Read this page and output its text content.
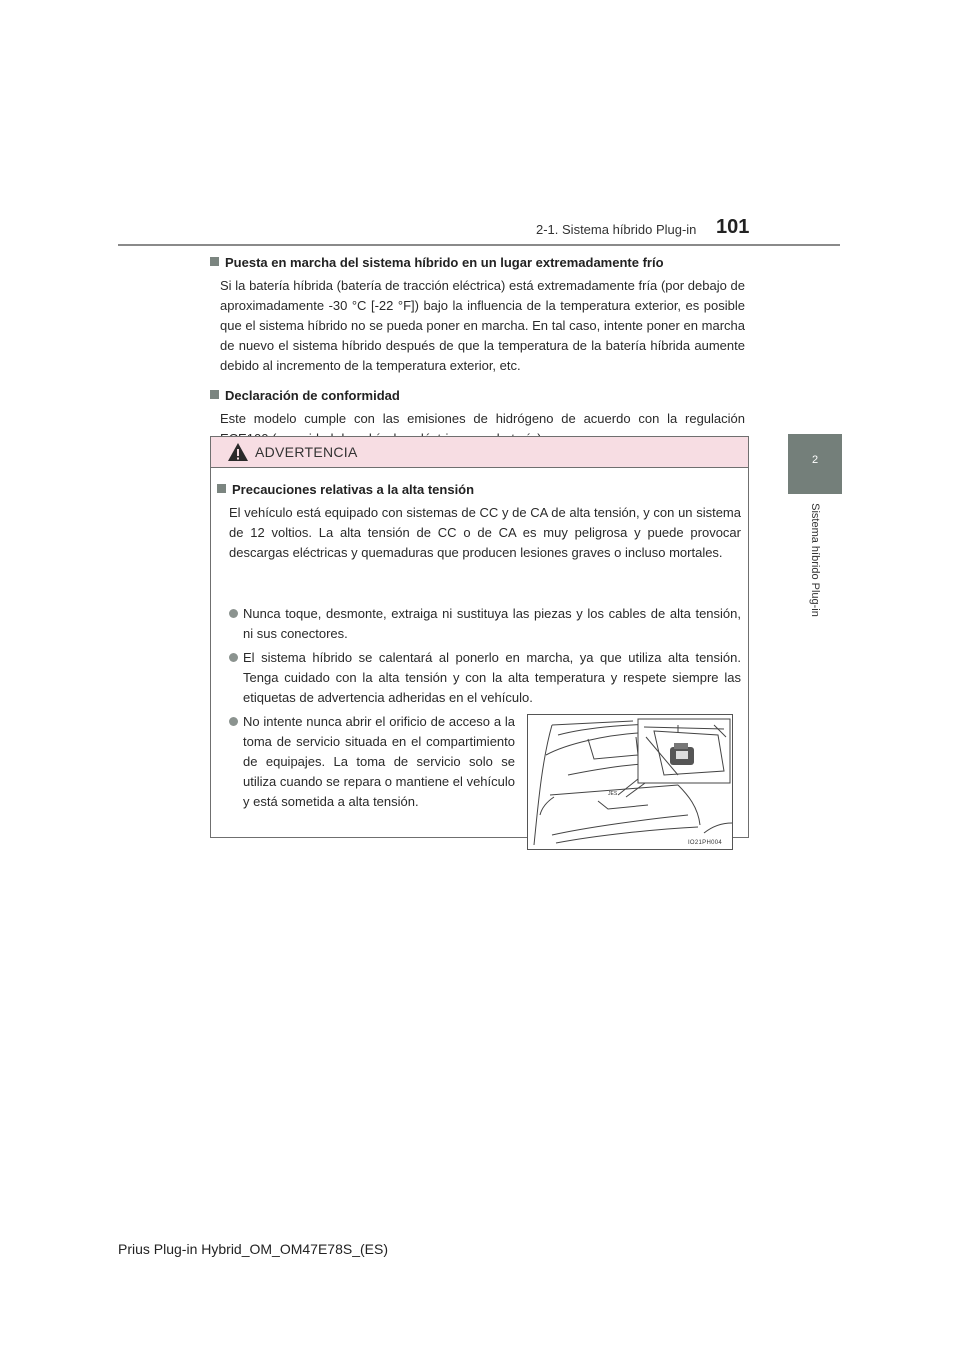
2-1. Sistema híbrido Plug-in 101
2
Sistema híbrido Plug-in
Puesta en marcha del sistema híbrido en un lugar extremadamente frío
Si la batería híbrida (batería de tracción eléctrica) está extremadamente fría (por debajo de aproximadamente -30 °C [-22 °F]) bajo la influencia de la temperatura exterior, es posible que el sistema híbrido no se pueda poner en marcha. En tal caso, intente poner en marcha de nuevo el sistema híbrido después de que la temperatura de la batería híbrida aumente debido al incremento de la temperatura exterior, etc.
Declaración de conformidad
Este modelo cumple con las emisiones de hidrógeno de acuerdo con la regulación
ADVERTENCIA
Precauciones relativas a la alta tensión
El vehículo está equipado con sistemas de CC y de CA de alta tensión, y con un sistema de 12 voltios. La alta tensión de CC o de CA es muy peligrosa y puede provocar descargas eléctricas y quemaduras que producen lesiones graves o incluso mortales.
Nunca toque, desmonte, extraiga ni sustituya las piezas y los cables de alta tensión, ni sus conectores.
El sistema híbrido se calentará al ponerlo en marcha, ya que utiliza alta tensión. Tenga cuidado con la alta tensión y con la alta temperatura y respete siempre las etiquetas de advertencia adheridas en el vehículo.
No intente nunca abrir el orificio de acceso a la toma de servicio situada en el compartimiento de equipajes. La toma de servicio solo se utiliza cuando se repara o mantiene el vehículo y está sometida a alta tensión.	JES
IO21PH004
Prius Plug-in Hybrid_OM_OM47E78S_(ES)
